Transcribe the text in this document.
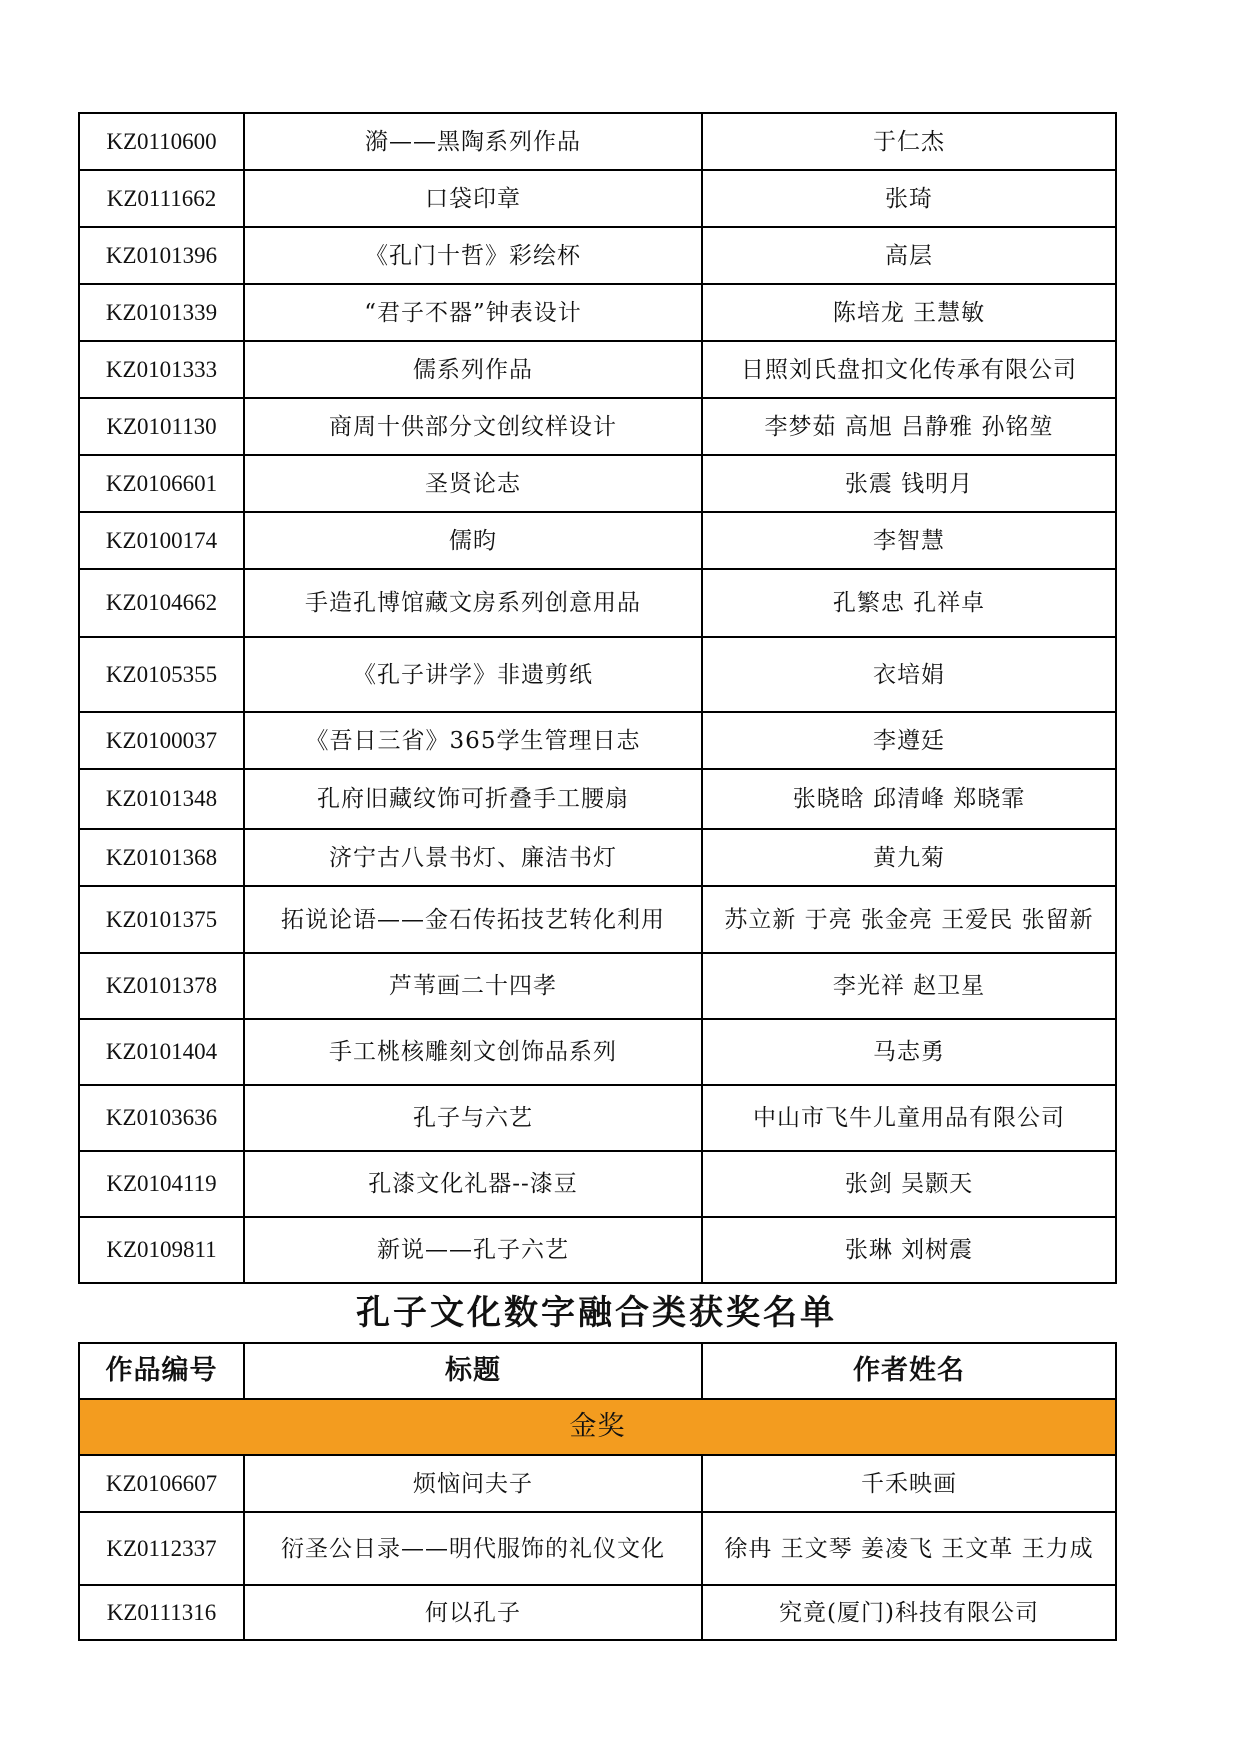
KZ0110600	漪——黑陶系列作品	于仁杰
KZ0111662	口袋印章	张琦
KZ0101396	《孔门十哲》彩绘杯	高层
KZ0101339	“君子不器”钟表设计	陈培龙 王慧敏
KZ0101333	儒系列作品	日照刘氏盘扣文化传承有限公司
KZ0101130	商周十供部分文创纹样设计	李梦茹 高旭 吕静雅 孙铭堃
KZ0106601	圣贤论志	张震 钱明月
KZ0100174	儒昀	李智慧
KZ0104662	手造孔博馆藏文房系列创意用品	孔繁忠 孔祥卓
KZ0105355	《孔子讲学》非遗剪纸	衣培娟
KZ0100037	《吾日三省》365学生管理日志	李遵廷
KZ0101348	孔府旧藏纹饰可折叠手工腰扇	张晓晗 邱清峰 郑晓霏
KZ0101368	济宁古八景书灯、廉洁书灯	黄九菊
KZ0101375	拓说论语——金石传拓技艺转化利用	苏立新 于亮 张金亮 王爱民 张留新
KZ0101378	芦苇画二十四孝	李光祥 赵卫星
KZ0101404	手工桃核雕刻文创饰品系列	马志勇
KZ0103636	孔子与六艺	中山市飞牛儿童用品有限公司
KZ0104119	孔漆文化礼器--漆豆	张剑 吴颢天
KZ0109811	新说——孔子六艺	张琳 刘树震
孔子文化数字融合类获奖名单
作品编号	标题	作者姓名
金奖		
KZ0106607	烦恼问夫子	千禾映画
KZ0112337	衍圣公日录——明代服饰的礼仪文化	徐冉 王文琴 姜凌飞 王文革 王力成
KZ0111316	何以孔子	究竟(厦门)科技有限公司
